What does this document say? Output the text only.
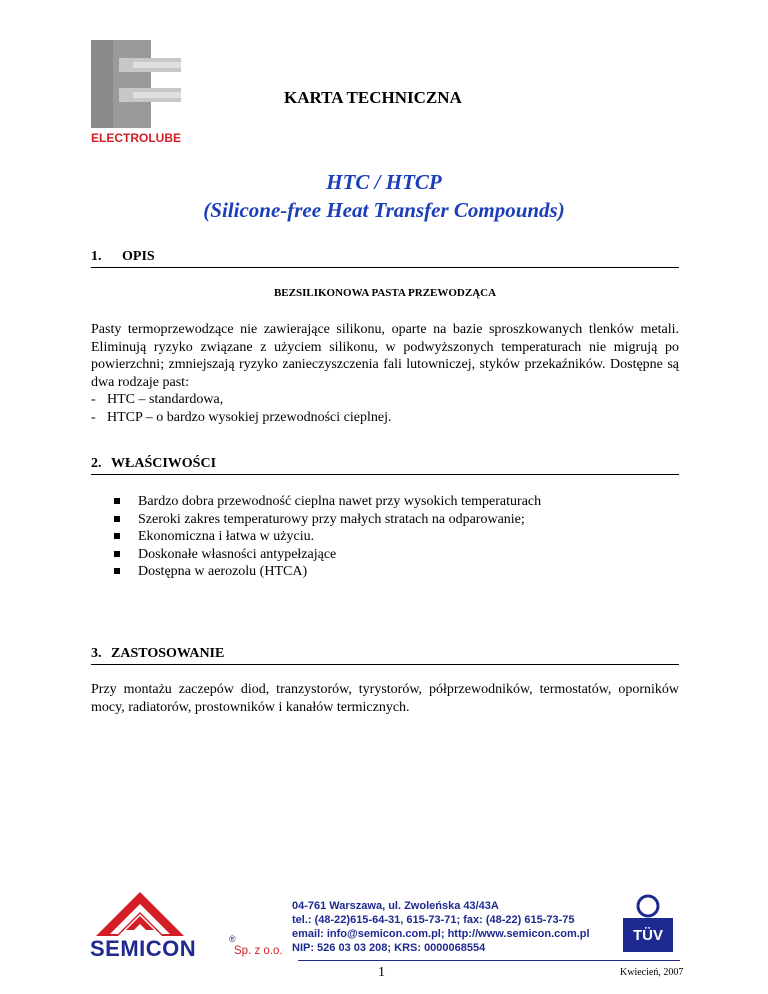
ELECTROLUBE
KARTA TECHNICZNA
HTC / HTCP
(Silicone-free Heat Transfer Compounds)
1. OPIS
BEZSILIKONOWA PASTA PRZEWODZĄCA

Pasty termoprzewodzące nie zawierające silikonu, oparte na bazie sproszkowanych tlenków metali. Eliminują ryzyko związane z użyciem silikonu, w podwyższonych temperaturach nie migrują po powierzchni; zmniejszają ryzyko zanieczyszczenia fali lutowniczej, styków przekaźników. Dostępne są dwa rodzaje past:

- HTC – standardowa,

- HTCP – o bardzo wysokiej przewodności cieplnej.

2. WŁAŚCIWOŚCI
Bardzo dobra przewodność cieplna nawet przy wysokich temperaturach
Szeroki zakres temperaturowy przy małych stratach na odparowanie;
Ekonomiczna i łatwa w użyciu.
Doskonałe własności antypełzające
Dostępna w aerozolu (HTCA)
3. ZASTOSOWANIE

Przy montażu zaczepów diod, tranzystorów, tyrystorów, półprzewodników, termostatów, oporników mocy, radiatorów, prostowników i kanałów termicznych.

SEMICON	®
Sp. z o.o.
04-761 Warszawa, ul. Zwoleńska 43/43A
tel.: (48-22)615-64-31, 615-73-71; fax: (48-22) 615-73-75
email: info@semicon.com.pl; http://www.semicon.com.pl
NIP: 526 03 03 208; KRS: 0000068554
TÜV
1	Kwiecień, 2007
